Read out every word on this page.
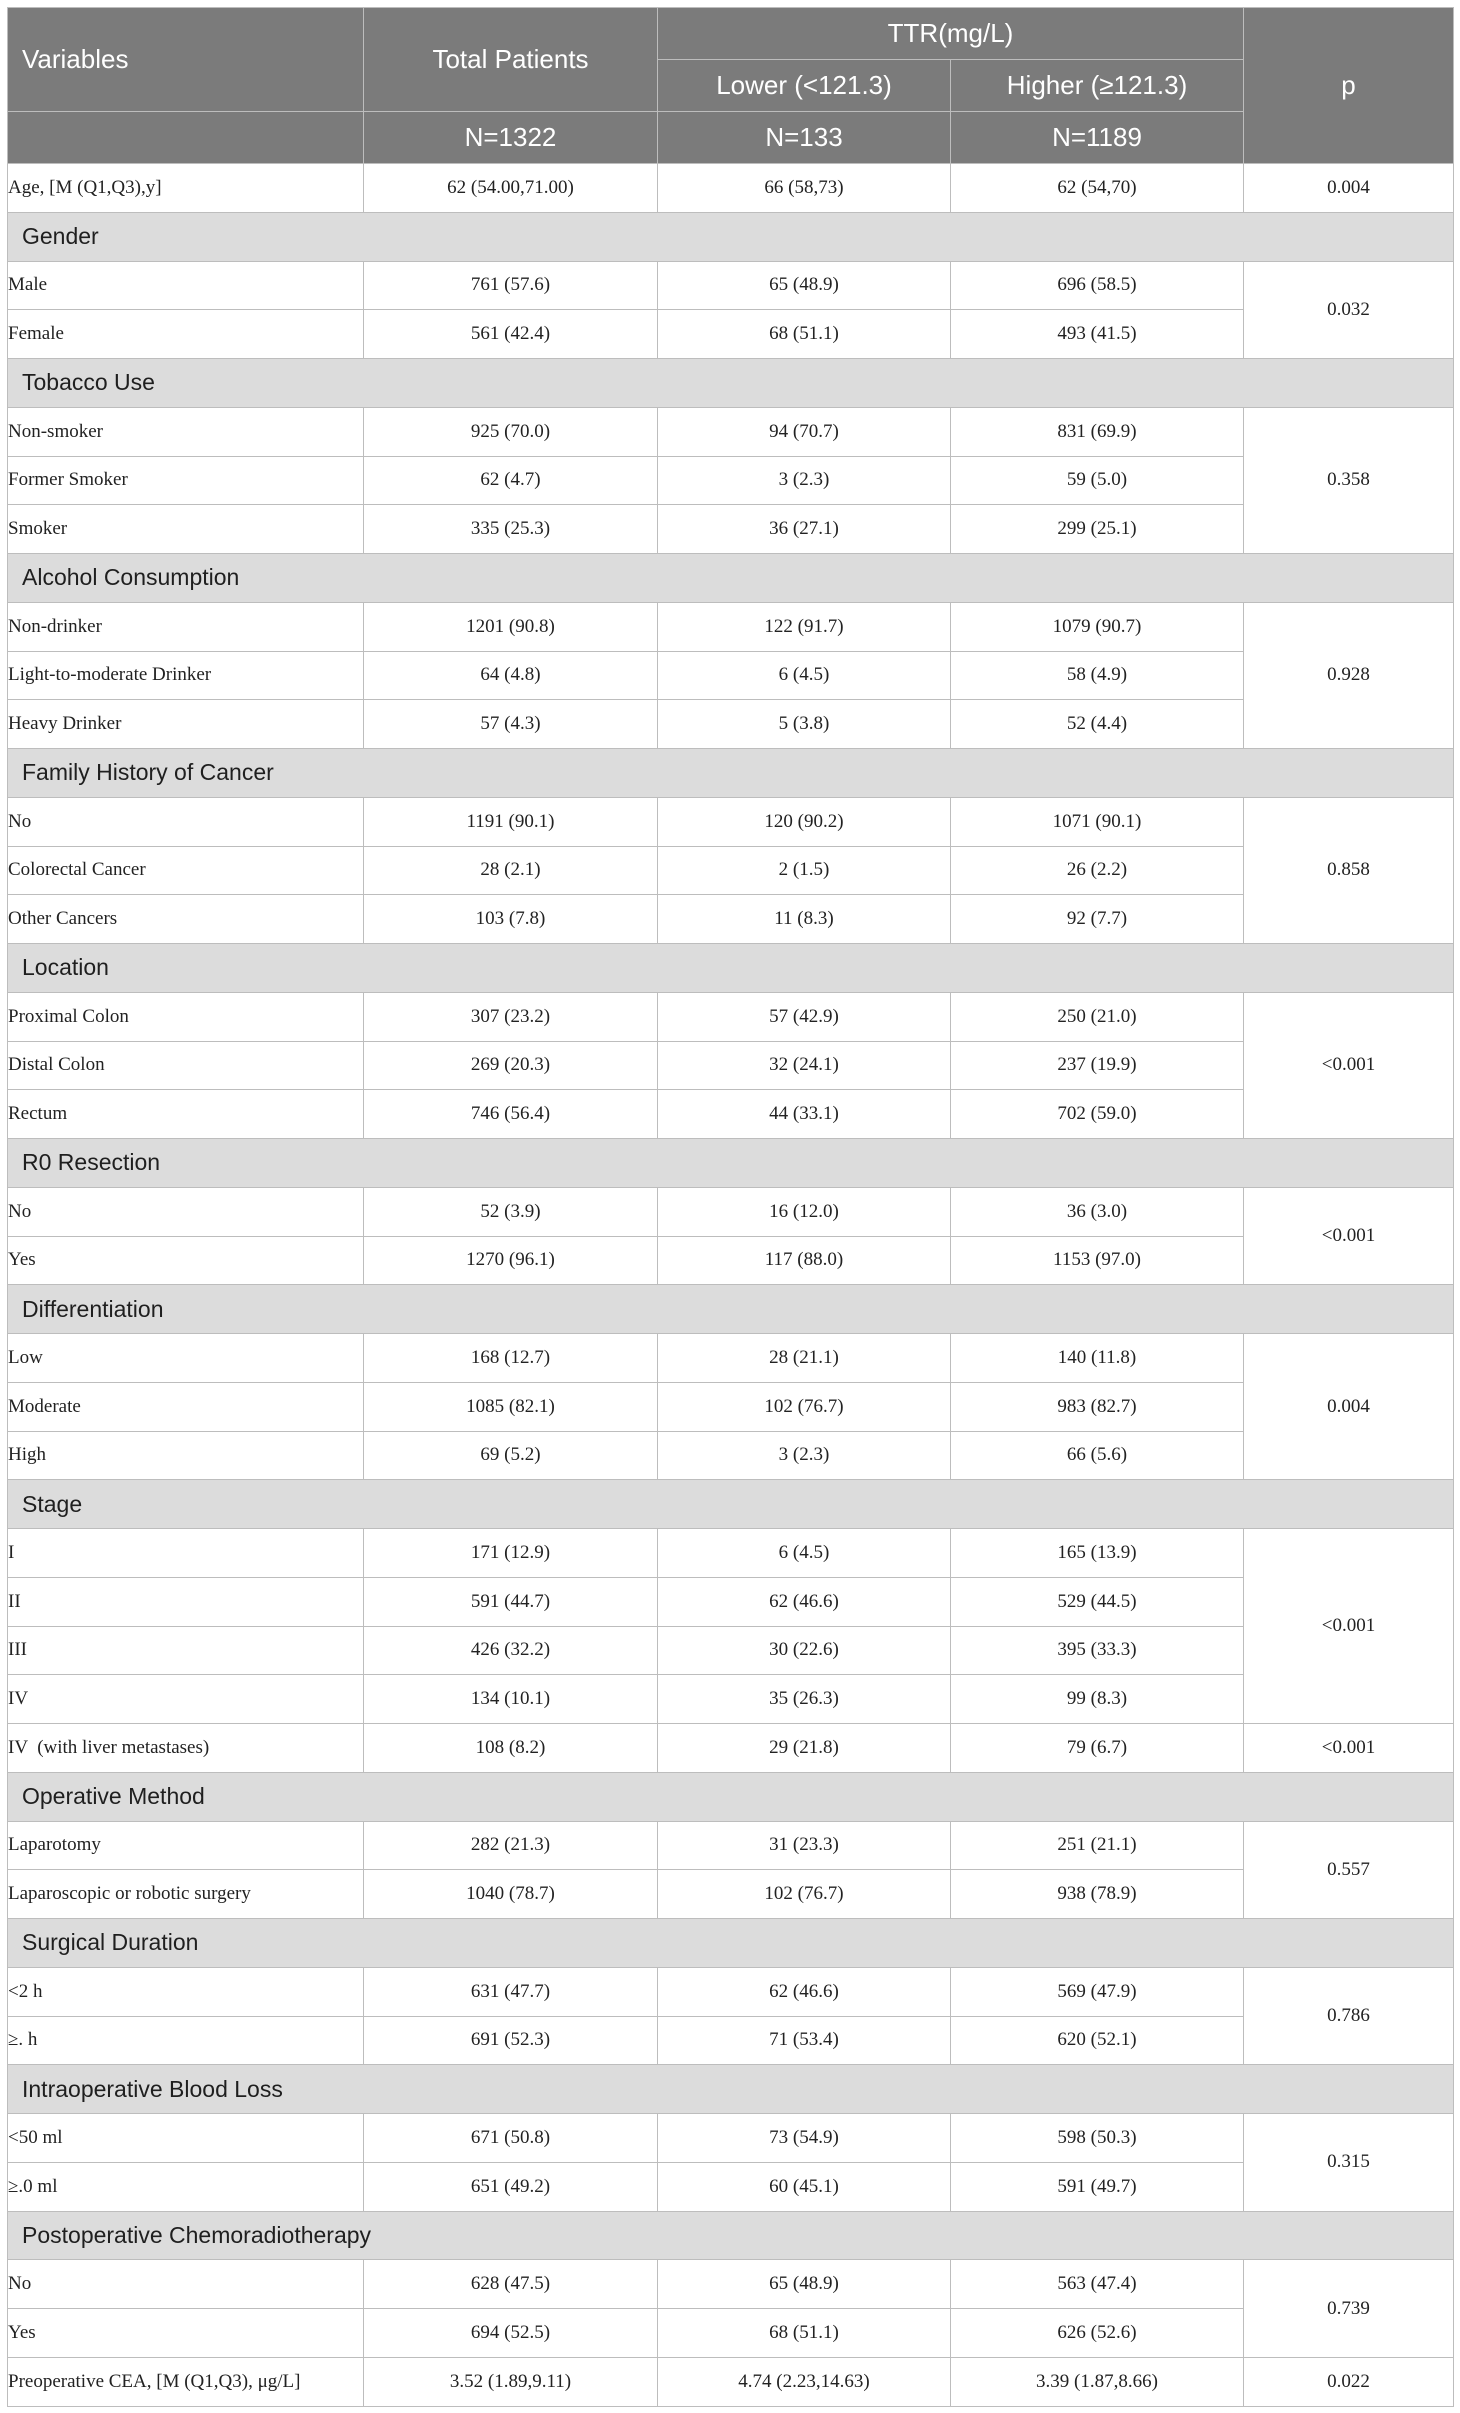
Variables	Total Patients	TTR(mg/L)		p
		Lower (<121.3)	Higher (≥121.3)	
	N=1322	N=133	N=1189	
Age, [M (Q1,Q3),y]	62 (54.00,71.00)	66 (58,73)	62 (54,70)	0.004
Gender				
Male	761 (57.6)	65 (48.9)	696 (58.5)	0.032
Female	561 (42.4)	68 (51.1)	493 (41.5)	
Tobacco Use				
Non-smoker	925 (70.0)	94 (70.7)	831 (69.9)	0.358
Former Smoker	62 (4.7)	3 (2.3)	59 (5.0)	
Smoker	335 (25.3)	36 (27.1)	299 (25.1)	
Alcohol Consumption				
Non-drinker	1201 (90.8)	122 (91.7)	1079 (90.7)	0.928
Light-to-moderate Drinker	64 (4.8)	6 (4.5)	58 (4.9)	
Heavy Drinker	57 (4.3)	5 (3.8)	52 (4.4)	
Family History of Cancer				
No	1191 (90.1)	120 (90.2)	1071 (90.1)	0.858
Colorectal Cancer	28 (2.1)	2 (1.5)	26 (2.2)	
Other Cancers	103 (7.8)	11 (8.3)	92 (7.7)	
Location				
Proximal Colon	307 (23.2)	57 (42.9)	250 (21.0)	<0.001
Distal Colon	269 (20.3)	32 (24.1)	237 (19.9)	
Rectum	746 (56.4)	44 (33.1)	702 (59.0)	
R0 Resection				
No	52 (3.9)	16 (12.0)	36 (3.0)	<0.001
Yes	1270 (96.1)	117 (88.0)	1153 (97.0)	
Differentiation				
Low	168 (12.7)	28 (21.1)	140 (11.8)	0.004
Moderate	1085 (82.1)	102 (76.7)	983 (82.7)	
High	69 (5.2)	3 (2.3)	66 (5.6)	
Stage				
I	171 (12.9)	6 (4.5)	165 (13.9)	<0.001
II	591 (44.7)	62 (46.6)	529 (44.5)	
III	426 (32.2)	30 (22.6)	395 (33.3)	
IV	134 (10.1)	35 (26.3)	99 (8.3)	
IV  (with liver metastases)	108 (8.2)	29 (21.8)	79 (6.7)	<0.001
Operative Method				
Laparotomy	282 (21.3)	31 (23.3)	251 (21.1)	0.557
Laparoscopic or robotic surgery	1040 (78.7)	102 (76.7)	938 (78.9)	
Surgical Duration				
<2 h	631 (47.7)	62 (46.6)	569 (47.9)	0.786
≥. h	691 (52.3)	71 (53.4)	620 (52.1)	
Intraoperative Blood Loss				
<50 ml	671 (50.8)	73 (54.9)	598 (50.3)	0.315
≥.0 ml	651 (49.2)	60 (45.1)	591 (49.7)	
Postoperative Chemoradiotherapy				
No	628 (47.5)	65 (48.9)	563 (47.4)	0.739
Yes	694 (52.5)	68 (51.1)	626 (52.6)	
Preoperative CEA, [M (Q1,Q3), μg/L]	3.52 (1.89,9.11)	4.74 (2.23,14.63)	3.39 (1.87,8.66)	0.022
